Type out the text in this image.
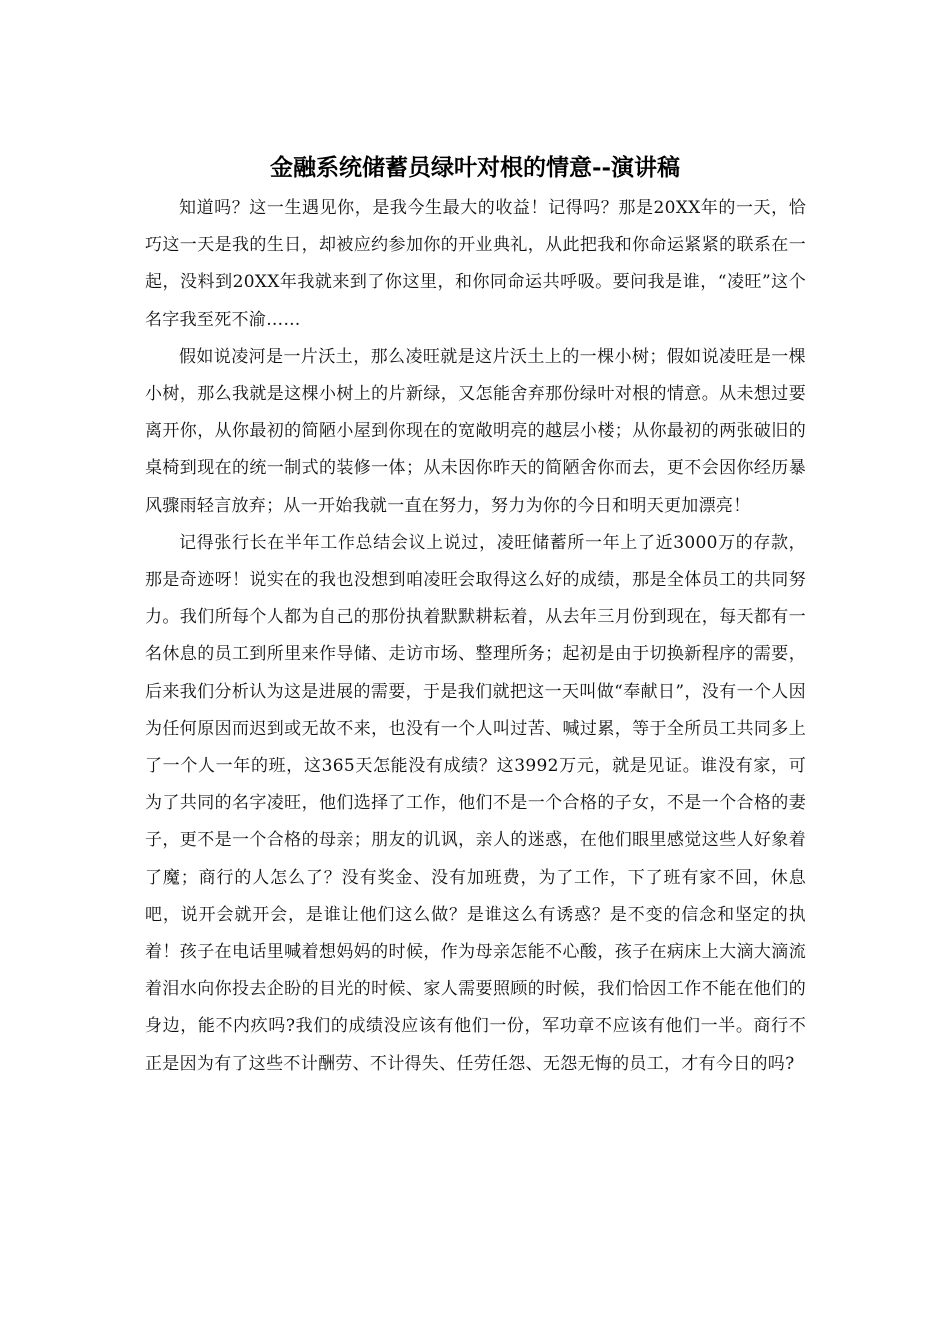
金融系统储蓄员绿叶对根的情意--演讲稿

知道吗？这一生遇见你，是我今生最大的收益！记得吗？那是20XX年的一天，恰巧这一天是我的生日，却被应约参加你的开业典礼，从此把我和你命运紧紧的联系在一起，没料到20XX年我就来到了你这里，和你同命运共呼吸。要问我是谁，“凌旺”这个名字我至死不渝……

假如说凌河是一片沃土，那么凌旺就是这片沃土上的一棵小树；假如说凌旺是一棵小树，那么我就是这棵小树上的片新绿，又怎能舍弃那份绿叶对根的情意。从未想过要离开你，从你最初的简陋小屋到你现在的宽敞明亮的越层小楼；从你最初的两张破旧的桌椅到现在的统一制式的装修一体；从未因你昨天的简陋舍你而去，更不会因你经历暴风骤雨轻言放弃；从一开始我就一直在努力，努力为你的今日和明天更加漂亮！

记得张行长在半年工作总结会议上说过，凌旺储蓄所一年上了近3000万的存款，那是奇迹呀！说实在的我也没想到咱凌旺会取得这么好的成绩，那是全体员工的共同努力。我们所每个人都为自己的那份执着默默耕耘着，从去年三月份到现在，每天都有一名休息的员工到所里来作导储、走访市场、整理所务；起初是由于切换新程序的需要，后来我们分析认为这是进展的需要，于是我们就把这一天叫做“奉献日”，没有一个人因为任何原因而迟到或无故不来，也没有一个人叫过苦、喊过累，等于全所员工共同多上了一个人一年的班，这365天怎能没有成绩？这3992万元，就是见证。谁没有家，可为了共同的名字凌旺，他们选择了工作，他们不是一个合格的子女，不是一个合格的妻子，更不是一个合格的母亲；朋友的讥讽，亲人的迷惑，在他们眼里感觉这些人好象着了魔；商行的人怎么了？没有奖金、没有加班费，为了工作，下了班有家不回，休息吧，说开会就开会，是谁让他们这么做？是谁这么有诱惑？是不变的信念和坚定的执着！孩子在电话里喊着想妈妈的时候，作为母亲怎能不心酸，孩子在病床上大滴大滴流着泪水向你投去企盼的目光的时候、家人需要照顾的时候，我们恰因工作不能在他们的身边，能不内疚吗?我们的成绩没应该有他们一份，军功章不应该有他们一半。商行不正是因为有了这些不计酬劳、不计得失、任劳任怨、无怨无悔的员工，才有今日的吗?
